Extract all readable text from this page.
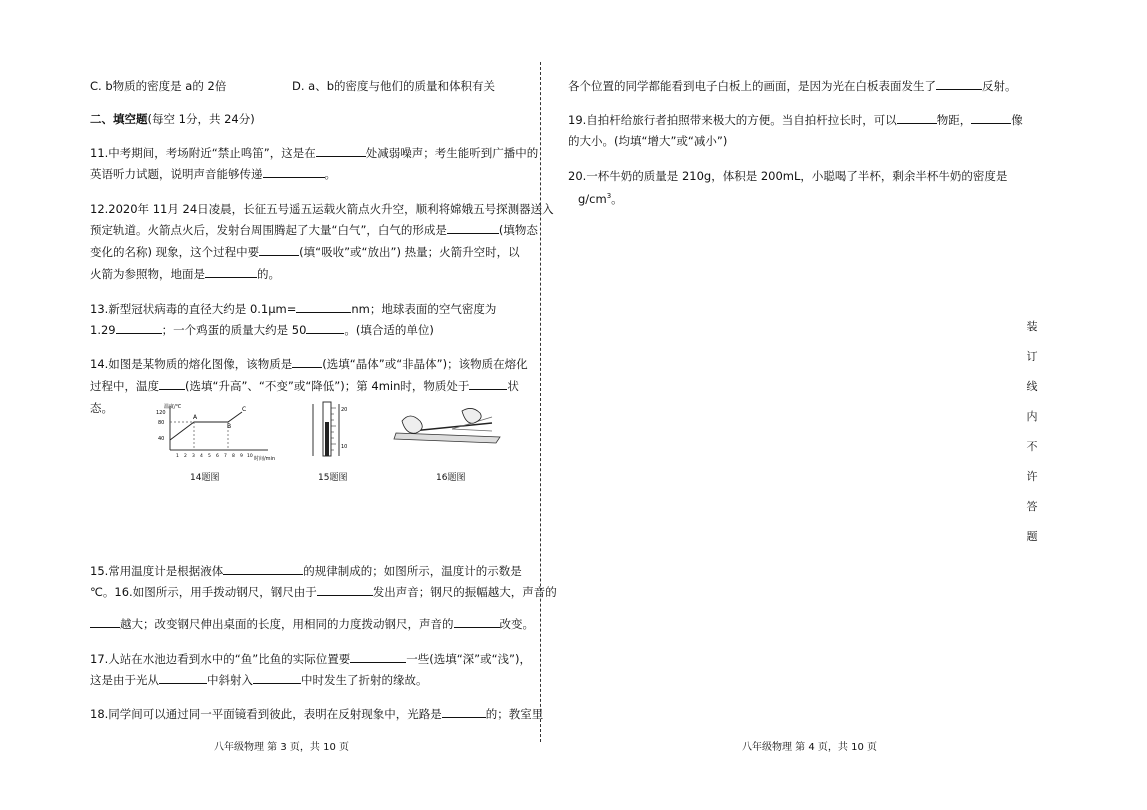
C. b物质的密度是 a的 2倍	D. a、b的密度与他们的质量和体积有关
二、填空题(每空 1分，共 24分)
11.中考期间，考场附近“禁止鸣笛”，这是在	处减弱噪声；考生能听到广播中的
英语听力试题，说明声音能够传递	。
12.2020年 11月 24日凌晨，长征五号遥五运载火箭点火升空，顺利将嫦娥五号探测器送入
预定轨道。火箭点火后，发射台周围腾起了大量“白气”，白气的形成是	(填物态
变化的名称) 现象，这个过程中要	(填“吸收”或“放出”) 热量；火箭升空时，以
火箭为参照物，地面是	的。
13.新型冠状病毒的直径大约是 0.1μm=	nm；地球表面的空气密度为
1.29	；一个鸡蛋的质量大约是 50	。(填合适的单位)
14.如图是某物质的熔化图像，该物质是	(选填“晶体”或“非晶体”)；该物质在熔化
过程中，温度 (选填“升高”、“不变”或“降低”)；第 4min时，物质处于	状
态。	温度/℃
时间/min
120
80
40
A
B
C
1 2 3 4 5 6 7 8 9 10
20
10
14题图	15题图	16题图
15.常用温度计是根据液体	的规律制成的；如图所示，温度计的示数是
℃。16.如图所示，用手拨动钢尺，钢尺由于	发出声音；钢尺的振幅越大，声音的
越大；改变钢尺伸出桌面的长度，用相同的力度拨动钢尺，声音的	改变。
17.人站在水池边看到水中的“鱼”比鱼的实际位置要	一些(选填“深”或“浅”)，
这是由于光从	中斜射入	中时发生了折射的缘故。
18.同学间可以通过同一平面镜看到彼此，表明在反射现象中，光路是	的；教室里
八年级物理 第 3 页，共 10 页
各个位置的同学都能看到电子白板上的画面，是因为光在白板表面发生了	反射。
19.自拍杆给旅行者拍照带来极大的方便。当自拍杆拉长时，可以	物距，	像
的大小。(均填“增大”或“减小”)
20.一杯牛奶的质量是 210g，体积是 200mL，小聪喝了半杯，剩余半杯牛奶的密度是
$g/cm^3$。
装
订
线
内
不
许
答
题
八年级物理 第 4 页，共 10 页
